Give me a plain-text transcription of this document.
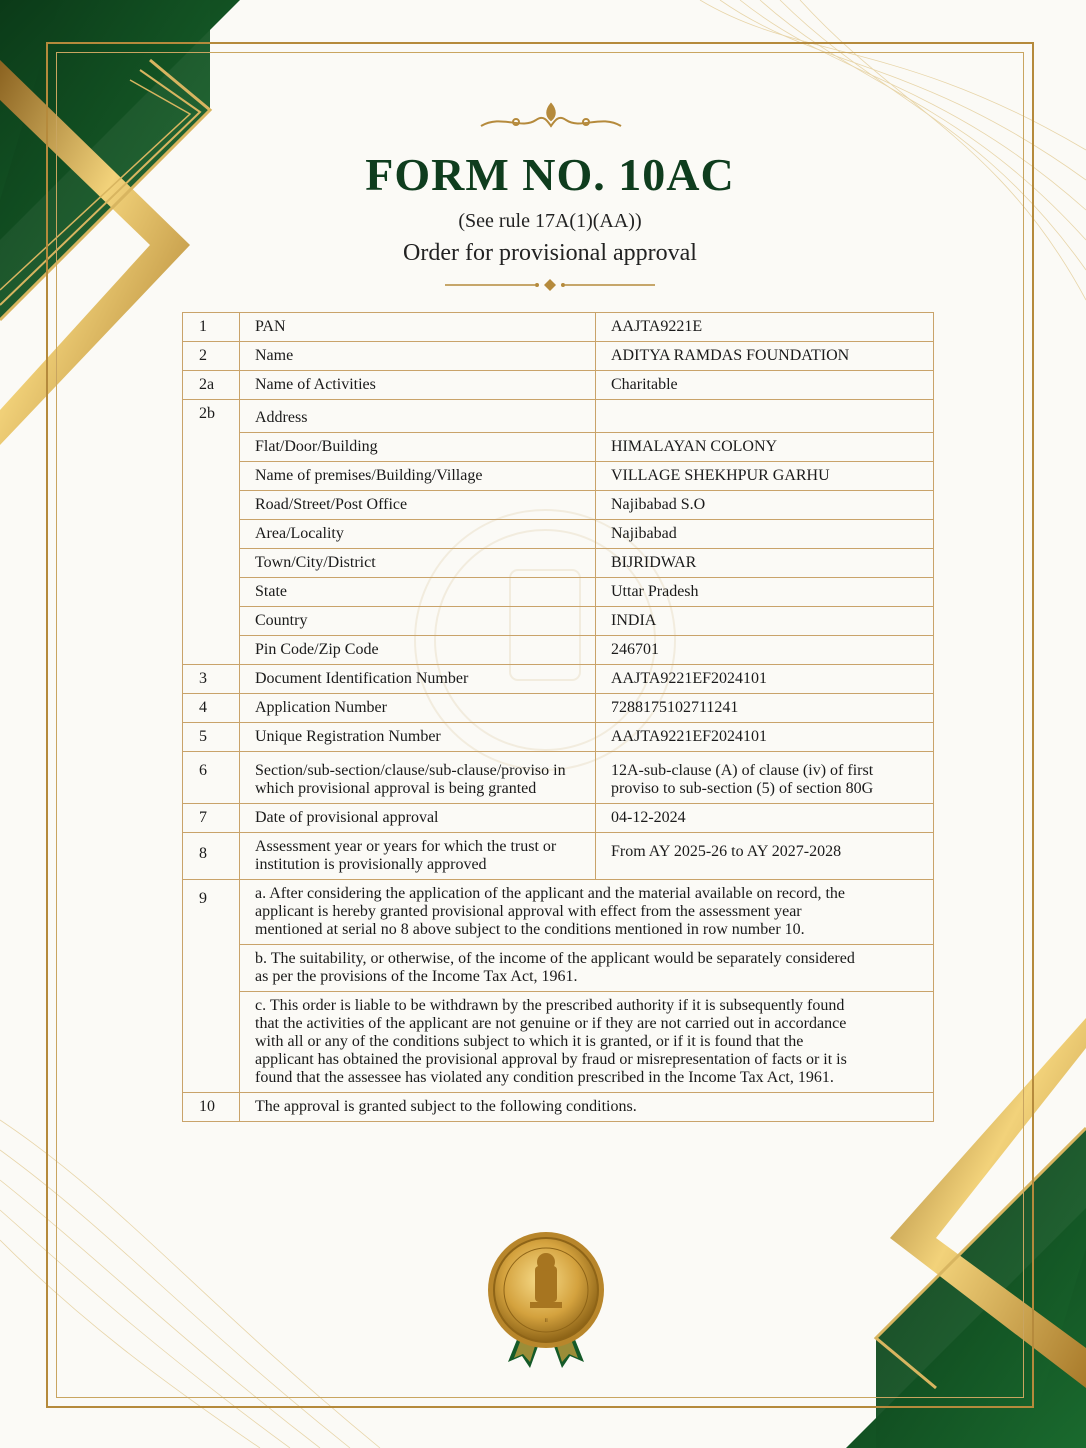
FORM NO. 10AC
(See rule 17A(1)(AA))
Order for provisional approval
1	PAN	AAJTA9221E
2	Name	ADITYA RAMDAS FOUNDATION
2a	Name of Activities	Charitable
2b	Address	
	Flat/Door/Building	HIMALAYAN COLONY
	Name of premises/Building/Village	VILLAGE SHEKHPUR GARHU
	Road/Street/Post Office	Najibabad S.O
	Area/Locality	Najibabad
	Town/City/District	BIJRIDWAR
	State	Uttar Pradesh
	Country	INDIA
	Pin Code/Zip Code	246701
3	Document Identification Number	AAJTA9221EF2024101
4	Application Number	7288175102711241
5	Unique Registration Number	AAJTA9221EF2024101
6	Section/sub-section/clause/sub-clause/proviso in which provisional approval is being granted	12A-sub-clause (A) of clause (iv) of first proviso to sub-section (5) of section 80G
7	Date of provisional approval	04-12-2024
8	Assessment year or years for which the trust or institution is provisionally approved	From AY 2025-26 to AY 2027-2028
9	a. After considering the application of the applicant and the material available on record, the applicant is hereby granted provisional approval with effect from the assessment year mentioned at serial no 8 above subject to the conditions mentioned in row number 10.	
	b. The suitability, or otherwise, of the income of the applicant would be separately considered as per the provisions of the Income Tax Act, 1961.	
	c. This order is liable to be withdrawn by the prescribed authority if it is subsequently found that the activities of the applicant are not genuine or if they are not carried out in accordance with all or any of the conditions subject to which it is granted, or if it is found that the applicant has obtained the provisional approval by fraud or misrepresentation of facts or it is found that the assessee has violated any condition prescribed in the Income Tax Act, 1961.	
10	The approval is granted subject to the following conditions.	
॥
